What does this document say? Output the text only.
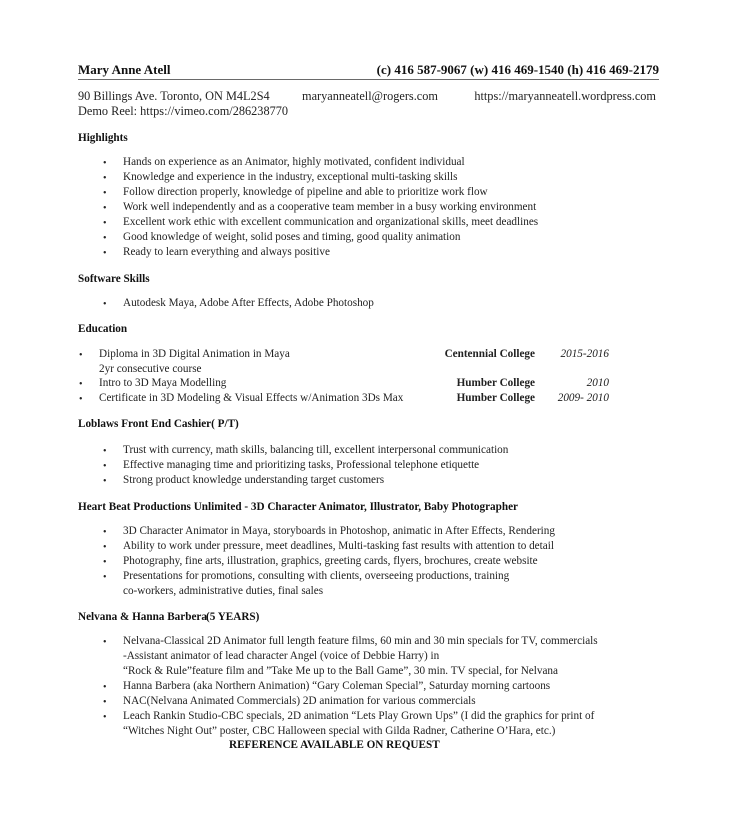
Mary Anne Atell	(c) 416 587-9067 (w) 416 469-1540 (h) 416 469-2179
90 Billings Ave. Toronto, ON M4L2S4	maryanneatell@rogers.com	https://maryanneatell.wordpress.com
Demo Reel: https://vimeo.com/286238770
Highlights
• Hands on experience as an Animator, highly motivated, confident individual
• Knowledge and experience in the industry, exceptional multi-tasking skills
• Follow direction properly, knowledge of pipeline and able to prioritize work flow
• Work well independently and as a cooperative team member in a busy working environment
• Excellent work ethic with excellent communication and organizational skills, meet deadlines
• Good knowledge of weight, solid poses and timing, good quality animation
• Ready to learn everything and always positive
Software Skills
• Autodesk Maya, Adobe After Effects, Adobe Photoshop
Education
• Diploma in 3D Digital Animation in Maya	Centennial College 2015-2016
2yr consecutive course
• Intro to 3D Maya Modelling	Humber College	2010
• Certificate in 3D Modeling & Visual Effects w/Animation 3Ds Max	Humber College 2009- 2010
Loblaws Front End Cashier( P/T)
• Trust with currency, math skills, balancing till, excellent interpersonal communication
• Effective managing time and prioritizing tasks, Professional telephone etiquette
• Strong product knowledge understanding target customers
Heart Beat Productions Unlimited - 3D Character Animator, Illustrator, Baby Photographer
• 3D Character Animator in Maya, storyboards in Photoshop, animatic in After Effects, Rendering
• Ability to work under pressure, meet deadlines, Multi-tasking fast results with attention to detail
• Photography, fine arts, illustration, graphics, greeting cards, flyers, brochures, create website
• Presentations for promotions, consulting with clients, overseeing productions, training
co-workers, administrative duties, final sales
Nelvana & Hanna Barbera (5 YEARS)
• Nelvana-Classical 2D Animator full length feature films, 60 min and 30 min specials for TV, commercials
-Assistant animator of lead character Angel (voice of Debbie Harry) in
“Rock & Rule”feature film and ”Take Me up to the Ball Game”, 30 min. TV special, for Nelvana
• Hanna Barbera (aka Northern Animation) “Gary Coleman Special”, Saturday morning cartoons
• NAC(Nelvana Animated Commercials) 2D animation for various commercials
• Leach Rankin Studio-CBC specials, 2D animation “Lets Play Grown Ups” (I did the graphics for print of
“Witches Night Out” poster, CBC Halloween special with Gilda Radner, Catherine O’Hara, etc.)
REFERENCE AVAILABLE ON REQUEST
